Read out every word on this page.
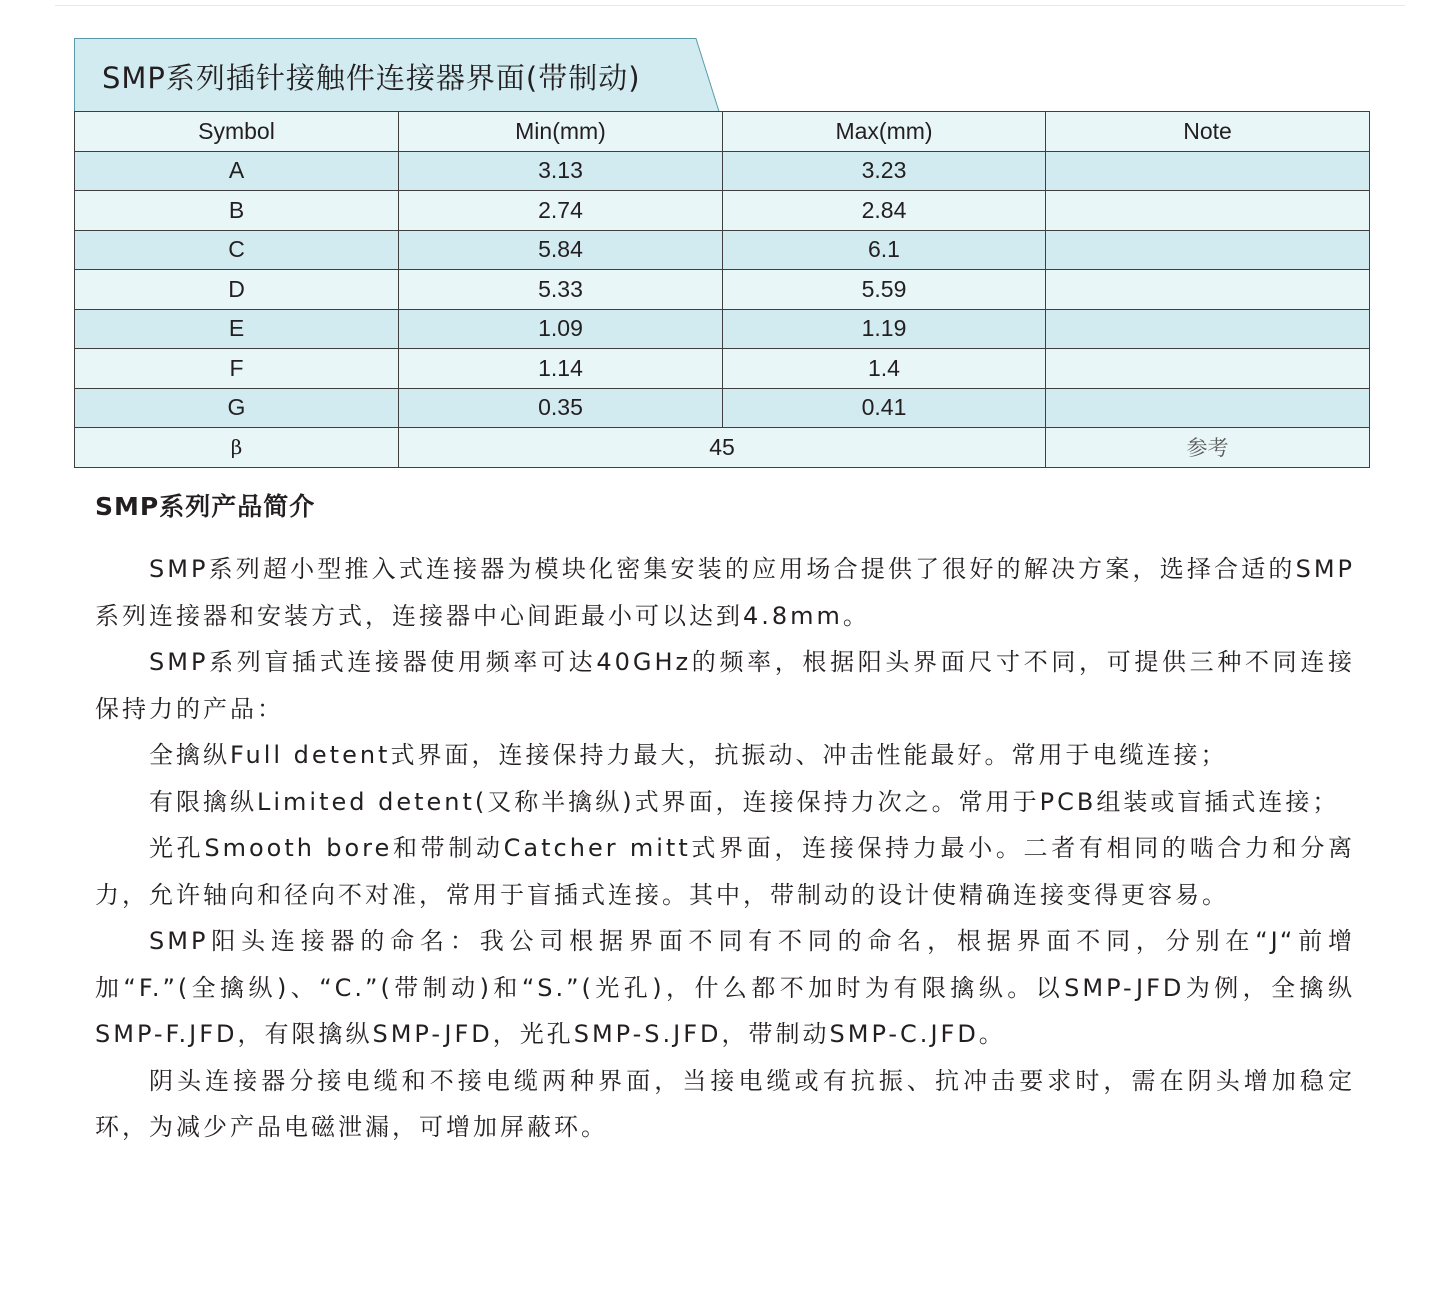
SMP系列插针接触件连接器界面(带制动)
Symbol	Min(mm)	Max(mm)	Note
A	3.13	3.23	
B	2.74	2.84	
C	5.84	6.1	
D	5.33	5.59	
E	1.09	1.19	
F	1.14	1.4	
G	0.35	0.41	
β	45		参考
SMP系列产品简介

SMP系列超小型推入式连接器为模块化密集安装的应用场合提供了很好的解决方案，选择合适的SMP系列连接器和安装方式，连接器中心间距最小可以达到4.8mm。

SMP系列盲插式连接器使用频率可达40GHz的频率，根据阳头界面尺寸不同，可提供三种不同连接保持力的产品：

全擒纵Full detent式界面，连接保持力最大，抗振动、冲击性能最好。常用于电缆连接；

有限擒纵Limited detent(又称半擒纵)式界面，连接保持力次之。常用于PCB组装或盲插式连接；

光孔Smooth bore和带制动Catcher mitt式界面，连接保持力最小。二者有相同的啮合力和分离力，允许轴向和径向不对准，常用于盲插式连接。其中，带制动的设计使精确连接变得更容易。

SMP阳头连接器的命名：我公司根据界面不同有不同的命名，根据界面不同，分别在“J“前增加“F.”(全擒纵)、“C.”(带制动)和“S.”(光孔)，什么都不加时为有限擒纵。以SMP-JFD为例，全擒纵SMP-F.JFD，有限擒纵SMP-JFD，光孔SMP-S.JFD，带制动SMP-C.JFD。

阴头连接器分接电缆和不接电缆两种界面，当接电缆或有抗振、抗冲击要求时，需在阴头增加稳定环，为减少产品电磁泄漏，可增加屏蔽环。
